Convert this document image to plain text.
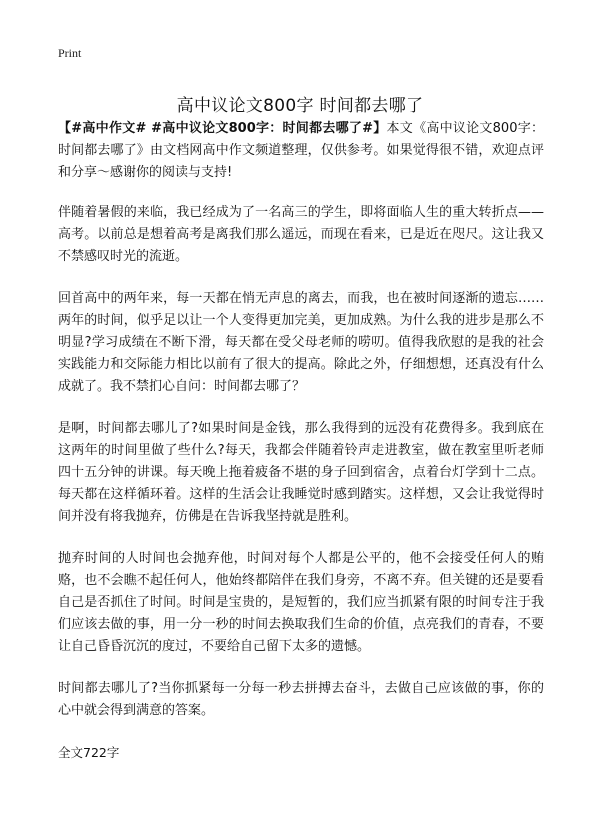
Print
高中议论文800字 时间都去哪了

【#高中作文# #高中议论文800字：时间都去哪了#】本文《高中议论文800字：时间都去哪了》由文档网高中作文频道整理，仅供参考。如果觉得很不错，欢迎点评和分享～感谢你的阅读与支持!

伴随着暑假的来临，我已经成为了一名高三的学生，即将面临人生的重大转折点——高考。以前总是想着高考是离我们那么遥远，而现在看来，已是近在咫尺。这让我又不禁感叹时光的流逝。

回首高中的两年来，每一天都在悄无声息的离去，而我，也在被时间逐渐的遗忘……两年的时间，似乎足以让一个人变得更加完美，更加成熟。为什么我的进步是那么不明显?学习成绩在不断下滑，每天都在受父母老师的唠叨。值得我欣慰的是我的社会实践能力和交际能力相比以前有了很大的提高。除此之外，仔细想想，还真没有什么成就了。我不禁扪心自问：时间都去哪了？

是啊，时间都去哪儿了?如果时间是金钱，那么我得到的远没有花费得多。我到底在这两年的时间里做了些什么?每天，我都会伴随着铃声走进教室，做在教室里听老师四十五分钟的讲课。每天晚上拖着疲备不堪的身子回到宿舍，点着台灯学到十二点。每天都在这样循环着。这样的生活会让我睡觉时感到踏实。这样想，又会让我觉得时间并没有将我抛弃，仿佛是在告诉我坚持就是胜利。

抛弃时间的人时间也会抛弃他，时间对每个人都是公平的，他不会接受任何人的贿赂，也不会瞧不起任何人，他始终都陪伴在我们身旁，不离不弃。但关键的还是要看自己是否抓住了时间。时间是宝贵的，是短暂的，我们应当抓紧有限的时间专注于我们应该去做的事，用一分一秒的时间去换取我们生命的价值，点亮我们的青春，不要让自己昏昏沉沉的度过，不要给自己留下太多的遗憾。

时间都去哪儿了?当你抓紧每一分每一秒去拼搏去奋斗，去做自己应该做的事，你的心中就会得到满意的答案。

全文722字
